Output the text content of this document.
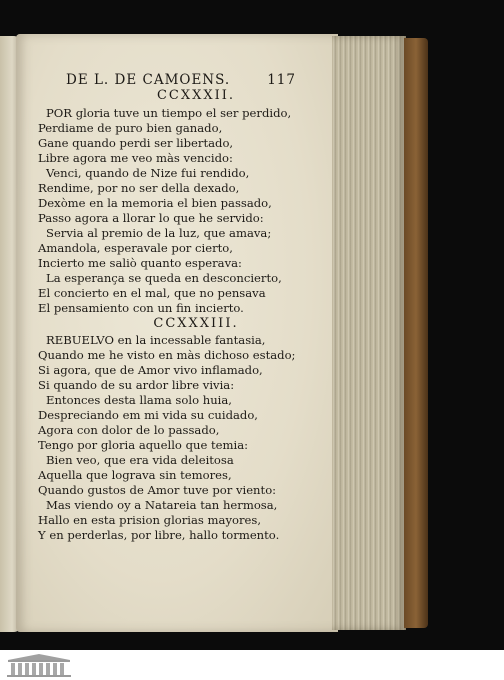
DE L. DE CAMOENS.	117
CCXXXII.
POR gloria tuve un tiempo el ser perdido,
Perdiame de puro bien ganado,
Gane quando perdi ser libertado,
Libre agora me veo màs vencido:
Venci, quando de Nize fui rendido,
Rendime, por no ser della dexado,
Dexòme en la memoria el bien passado,
Passo agora a llorar lo que he servido:
Servia al premio de la luz, que amava;
Amandola, esperavale por cierto,
Incierto me saliò quanto esperava:
La esperança se queda en desconcierto,
El concierto en el mal, que no pensava
El pensamiento con un fin incierto.
CCXXXIII.
REBUELVO en la incessable fantasia,
Quando me he visto en màs dichoso estado;
Si agora, que de Amor vivo inflamado,
Si quando de su ardor libre vivia:
Entonces desta llama solo huia,
Despreciando em mi vida su cuidado,
Agora con dolor de lo passado,
Tengo por gloria aquello que temia:
Bien veo, que era vida deleitosa
Aquella que lograva sin temores,
Quando gustos de Amor tuve por viento:
Mas viendo oy a Natareia tan hermosa,
Hallo en esta prision glorias mayores,
Y en perderlas, por libre, hallo tormento.
